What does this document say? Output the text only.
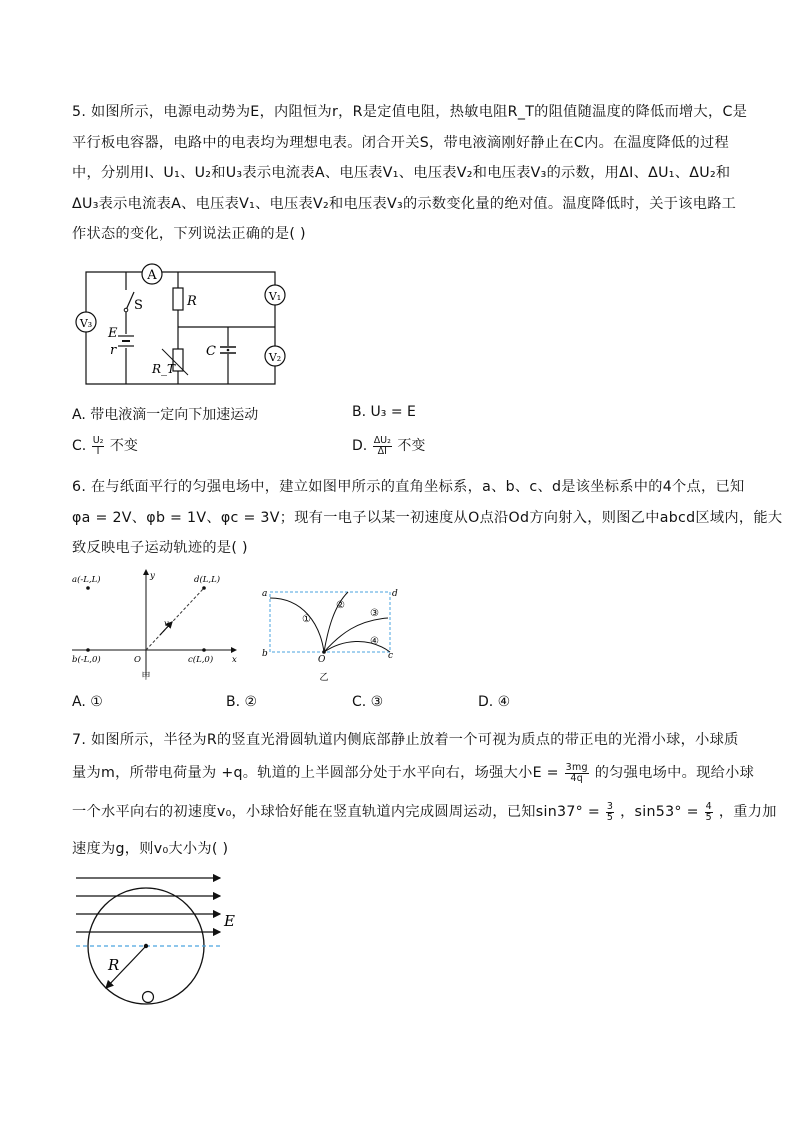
5. 如图所示，电源电动势为E，内阻恒为r，R是定值电阻，热敏电阻R_T的阻值随温度的降低而增大，C是
平行板电容器，电路中的电表均为理想电表。闭合开关S，带电液滴刚好静止在C内。在温度降低的过程
中，分别用I、U₁、U₂和U₃表示电流表A、电压表V₁、电压表V₂和电压表V₃的示数，用ΔI、ΔU₁、ΔU₂和
ΔU₃表示电流表A、电压表V₁、电压表V₂和电压表V₃的示数变化量的绝对值。温度降低时，关于该电路工
作状态的变化，下列说法正确的是( )
A
V₃
V₁
V₂
S
E
r
R
R_T
C
A. 带电液滴一定向下加速运动	B. U₃ = E
C. $\frac{\text{U₂}}{I}$ 不变	D. $\frac{\text{ΔU₂}}{\Delta I}$ 不变
6. 在与纸面平行的匀强电场中，建立如图甲所示的直角坐标系，a、b、c、d是该坐标系中的4个点，已知
φa = 2V、φb = 1V、φc = 3V；现有一电子以某一初速度从O点沿Od方向射入，则图乙中abcd区域内，能大
致反映电子运动轨迹的是( )
a(-L,L)	d(L,L)
b(-L,0)	c(L,0)
O	x
y
v
甲
a	d
b	c
O
①
②
③
④
乙
A. ①	B. ②	C. ③	D. ④
7. 如图所示，半径为R的竖直光滑圆轨道内侧底部静止放着一个可视为质点的带正电的光滑小球，小球质
量为m，所带电荷量为 +q。轨道的上半圆部分处于水平向右，场强大小$E = \frac{3mg}{4q}$ 的匀强电场中。现给小球
一个水平向右的初速度v₀，小球恰好能在竖直轨道内完成圆周运动，已知$\sin 37^\circ = \frac{3}{5}$ ，$\sin 53^\circ = \frac{4}{5}$ ，重力加
速度为g，则v₀大小为( )
E
R
